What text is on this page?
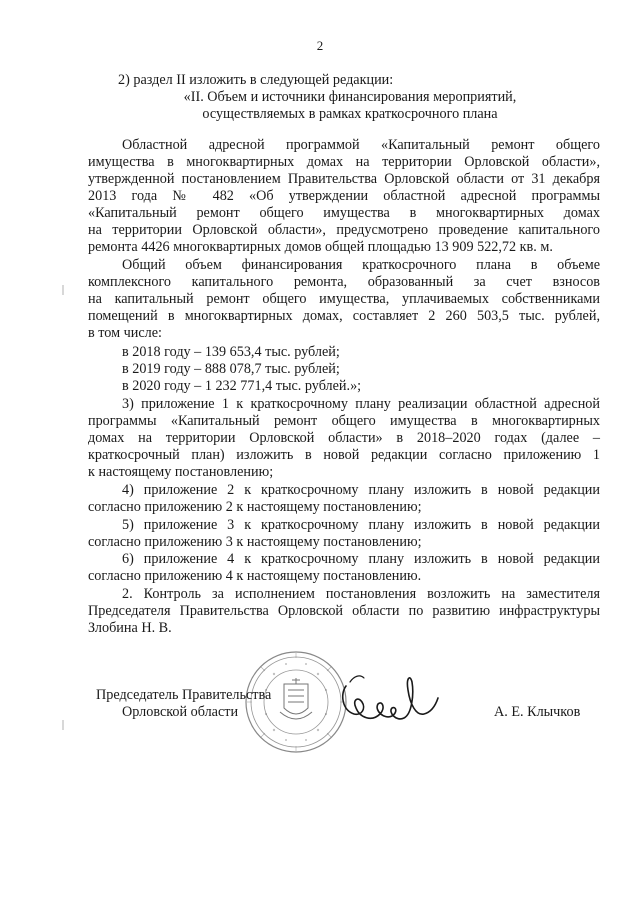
2
2) раздел II изложить в следующей редакции:
«II. Объем и источники финансирования мероприятий,
осуществляемых в рамках краткосрочного плана
Областной адресной программой «Капитальный ремонт общего
имущества в многоквартирных домах на территории Орловской области»,
утвержденной постановлением Правительства Орловской области от 31 декабря
2013 года № 482 «Об утверждении областной адресной программы
«Капитальный ремонт общего имущества в многоквартирных домах
на территории Орловской области», предусмотрено проведение капитального
ремонта 4426 многоквартирных домов общей площадью 13 909 522,72 кв. м.
Общий объем финансирования краткосрочного плана в объеме
комплексного капитального ремонта, образованный за счет взносов
на капитальный ремонт общего имущества, уплачиваемых собственниками
помещений в многоквартирных домах, составляет 2 260 503,5 тыс. рублей,
в том числе:
в 2018 году – 139 653,4 тыс. рублей;
в 2019 году – 888 078,7 тыс. рублей;
в 2020 году – 1 232 771,4 тыс. рублей.»;
3) приложение 1 к краткосрочному плану реализации областной адресной
программы «Капитальный ремонт общего имущества в многоквартирных
домах на территории Орловской области» в 2018–2020 годах (далее –
краткосрочный план) изложить в новой редакции согласно приложению 1
к настоящему постановлению;
4) приложение 2 к краткосрочному плану изложить в новой редакции
согласно приложению 2 к настоящему постановлению;
5) приложение 3 к краткосрочному плану изложить в новой редакции
согласно приложению 3 к настоящему постановлению;
6) приложение 4 к краткосрочному плану изложить в новой редакции
согласно приложению 4 к настоящему постановлению.
2. Контроль за исполнением постановления возложить на заместителя
Председателя Правительства Орловской области по развитию инфраструктуры
Злобина Н. В.
Председатель Правительства
Орловской области	А. Е. Клычков
